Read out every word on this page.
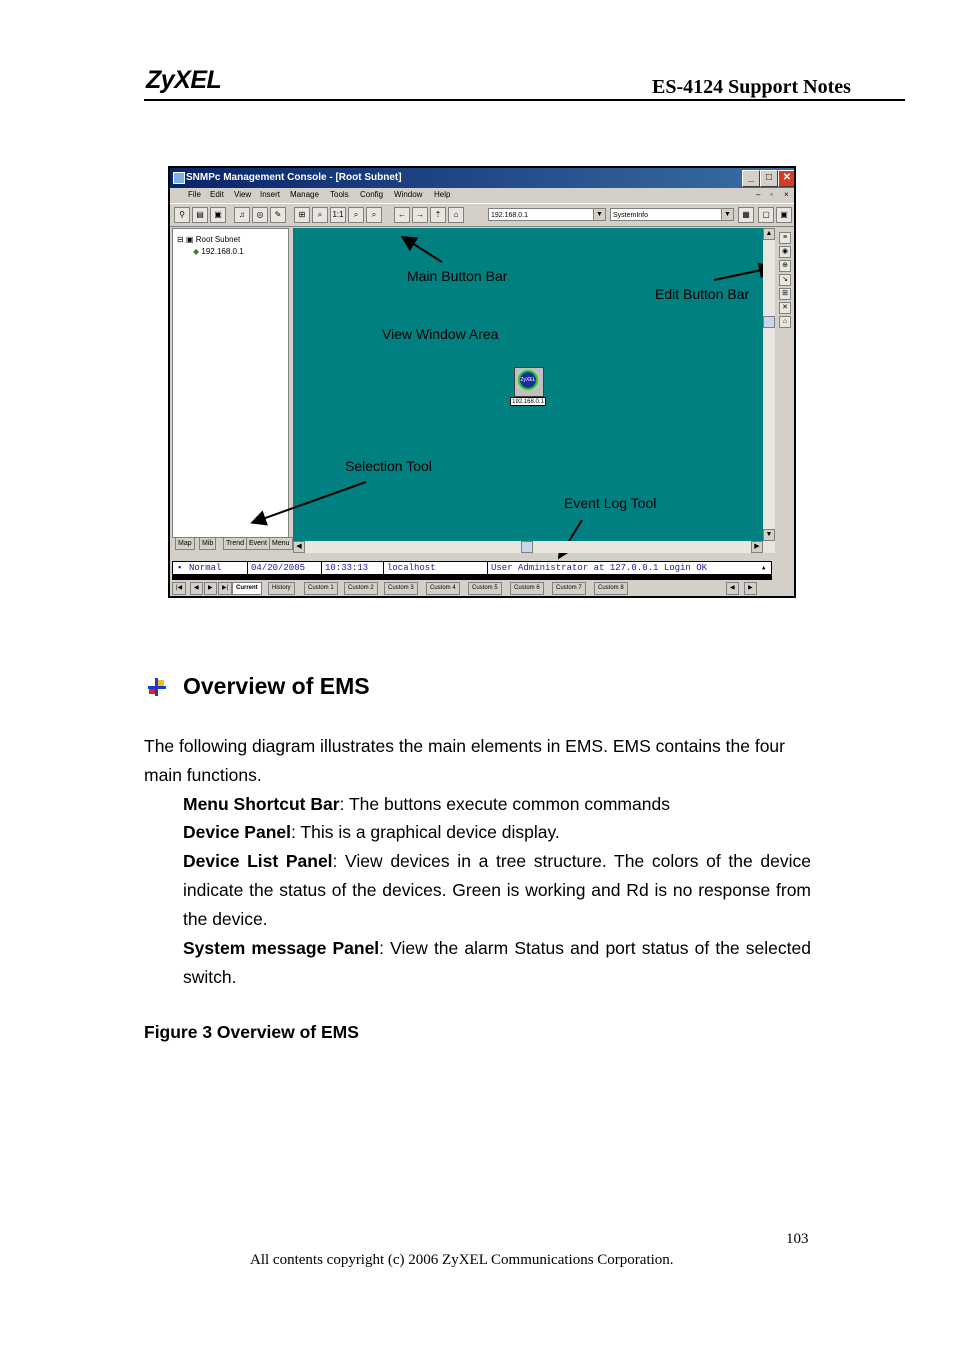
ZyXEL	ES-4124 Support Notes
SNMPc Management Console - [Root Subnet]	_	□	✕
File Edit View Insert Manage Tools Config Window Help	– ▫ ×
⚲	▤	▣	♫	◎	✎	⊞	⌕	1:1	⌕	⌕	←	→	⇡	⌂	192.168.0.1	▼	SystemInfo	▼	▦	▢	▣
⊟ ▣ Root Subnet
◆ 192.168.0.1
Map	Mib	Trend Event Menu
Main Button Bar
Edit Button Bar
View Window Area
Selection Tool
Event Log Tool
ZyXEL
192.168.0.1
▲
▼
≡
◉
⊕
↘
⊞
✕
⌂
◀	▶
▪ Normal	04/20/2005 10:33:13 localhost	User Administrator at 127.0.0.1 Login OK	▴
|◀	◀	▶	▶|	Current	History	Custom 1	Custom 2	Custom 3	Custom 4	Custom 5	Custom 6	Custom 7	Custom 8	◀	▶
Overview of EMS
The following diagram illustrates the main elements in EMS. EMS contains the four main functions.
Menu Shortcut Bar: The buttons execute common commands
Device Panel: This is a graphical device display.
Device List Panel: View devices in a tree structure. The colors of the device indicate the status of the devices. Green is working and Rd is no response from the device.
System message Panel: View the alarm Status and port status of the selected switch.
Figure 3 Overview of EMS
103
All contents copyright (c) 2006 ZyXEL Communications Corporation.
